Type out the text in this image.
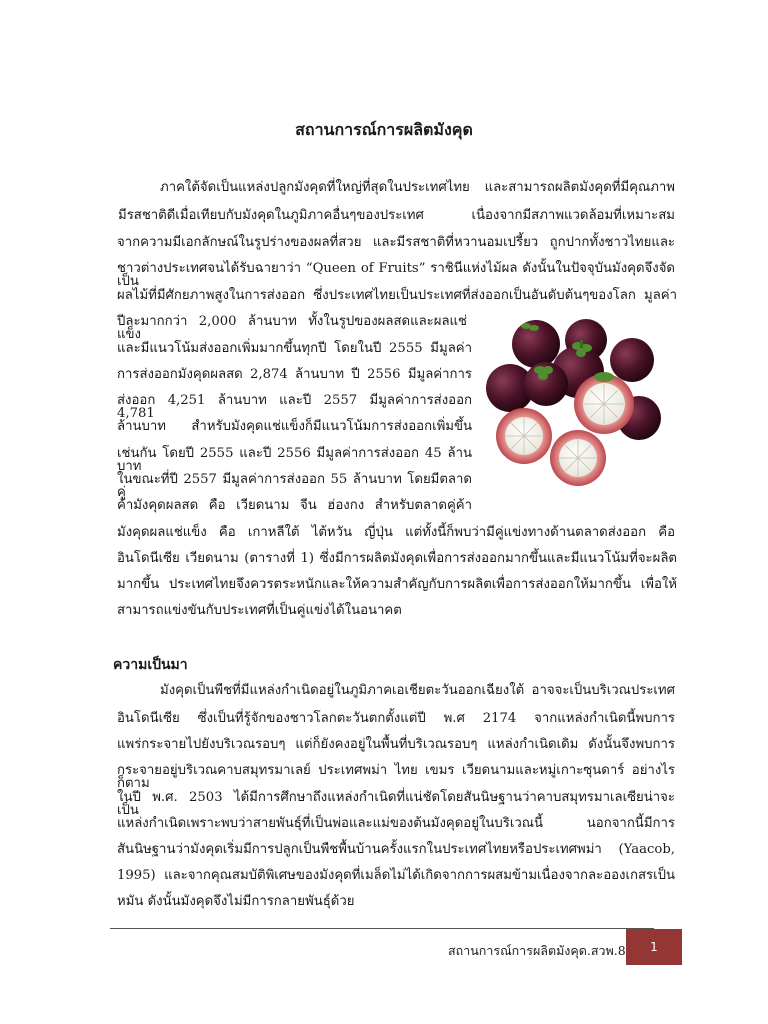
สถานการณ์การผลิตมังคุด
ภาคใต้จัดเป็นแหล่งปลูกมังคุดที่ใหญ่ที่สุดในประเทศไทย และสามารถผลิตมังคุดที่มีคุณภาพ
มีรสชาติดีเมื่อเทียบกับมังคุดในภูมิภาคอื่นๆของประเทศ เนื่องจากมีสภาพแวดล้อมที่เหมาะสม
จากความมีเอกลักษณ์ในรูปร่างของผลที่สวย และมีรสชาติที่หวานอมเปรี้ยว ถูกปากทั้งชาวไทยและ
ชาวต่างประเทศจนได้รับฉายาว่า “Queen of Fruits” ราชินีแห่งไม้ผล ดังนั้นในปัจจุบันมังคุดจึงจัดเป็น
ผลไม้ที่มีศักยภาพสูงในการส่งออก ซึ่งประเทศไทยเป็นประเทศที่ส่งออกเป็นอันดับต้นๆของโลก มูลค่า
ปีละมากกว่า 2,000 ล้านบาท ทั้งในรูปของผลสดและผลแช่แข็ง
และมีแนวโน้มส่งออกเพิ่มมากขึ้นทุกปี โดยในปี 2555 มีมูลค่า
การส่งออกมังคุดผลสด 2,874 ล้านบาท ปี 2556 มีมูลค่าการ
ส่งออก 4,251 ล้านบาท และปี 2557 มีมูลค่าการส่งออก 4,781
ล้านบาท สำหรับมังคุดแช่แข็งก็มีแนวโน้มการส่งออกเพิ่มขึ้น
เช่นกัน โดยปี 2555 และปี 2556 มีมูลค่าการส่งออก 45 ล้านบาท
ในขณะที่ปี 2557 มีมูลค่าการส่งออก 55 ล้านบาท โดยมีตลาดคู่
ค้ามังคุดผลสด คือ เวียดนาม จีน ฮ่องกง สำหรับตลาดคู่ค้า
มังคุดผลแช่แข็ง คือ เกาหลีใต้ ไต้หวัน ญี่ปุ่น แต่ทั้งนี้ก็พบว่ามีคู่แข่งทางด้านตลาดส่งออก คือ
อินโดนีเซีย เวียดนาม (ตารางที่ 1) ซึ่งมีการผลิตมังคุดเพื่อการส่งออกมากขึ้นและมีแนวโน้มที่จะผลิต
มากขึ้น ประเทศไทยจึงควรตระหนักและให้ความสำคัญกับการผลิตเพื่อการส่งออกให้มากขึ้น เพื่อให้
สามารถแข่งขันกับประเทศที่เป็นคู่แข่งได้ในอนาคต
ความเป็นมา
มังคุดเป็นพืชที่มีแหล่งกำเนิดอยู่ในภูมิภาคเอเชียตะวันออกเฉียงใต้ อาจจะเป็นบริเวณประเทศ
อินโดนีเซีย ซึ่งเป็นที่รู้จักของชาวโลกตะวันตกตั้งแต่ปี พ.ศ 2174 จากแหล่งกำเนิดนี้พบการ
แพร่กระจายไปยังบริเวณรอบๆ แต่ก็ยังคงอยู่ในพื้นที่บริเวณรอบๆ แหล่งกำเนิดเดิม ดังนั้นจึงพบการ
กระจายอยู่บริเวณคาบสมุทรมาเลย์ ประเทศพม่า ไทย เขมร เวียดนามและหมู่เกาะซุนดาร์ อย่างไรก็ตาม
ในปี พ.ศ. 2503 ได้มีการศึกษาถึงแหล่งกำเนิดที่แน่ชัดโดยสันนิษฐานว่าคาบสมุทรมาเลเซียน่าจะเป็น
แหล่งกำเนิดเพราะพบว่าสายพันธุ์ที่เป็นพ่อและแม่ของต้นมังคุดอยู่ในบริเวณนี้ นอกจากนี้มีการ
สันนิษฐานว่ามังคุดเริ่มมีการปลูกเป็นพืชพื้นบ้านครั้งแรกในประเทศไทยหรือประเทศพม่า (Yaacob,
1995) และจากคุณสมบัติพิเศษของมังคุดที่เมล็ดไม่ได้เกิดจากการผสมข้ามเนื่องจากละอองเกสรเป็น
หมัน ดังนั้นมังคุดจึงไม่มีการกลายพันธุ์ด้วย
สถานการณ์การผลิตมังคุด.สวพ.8 1
